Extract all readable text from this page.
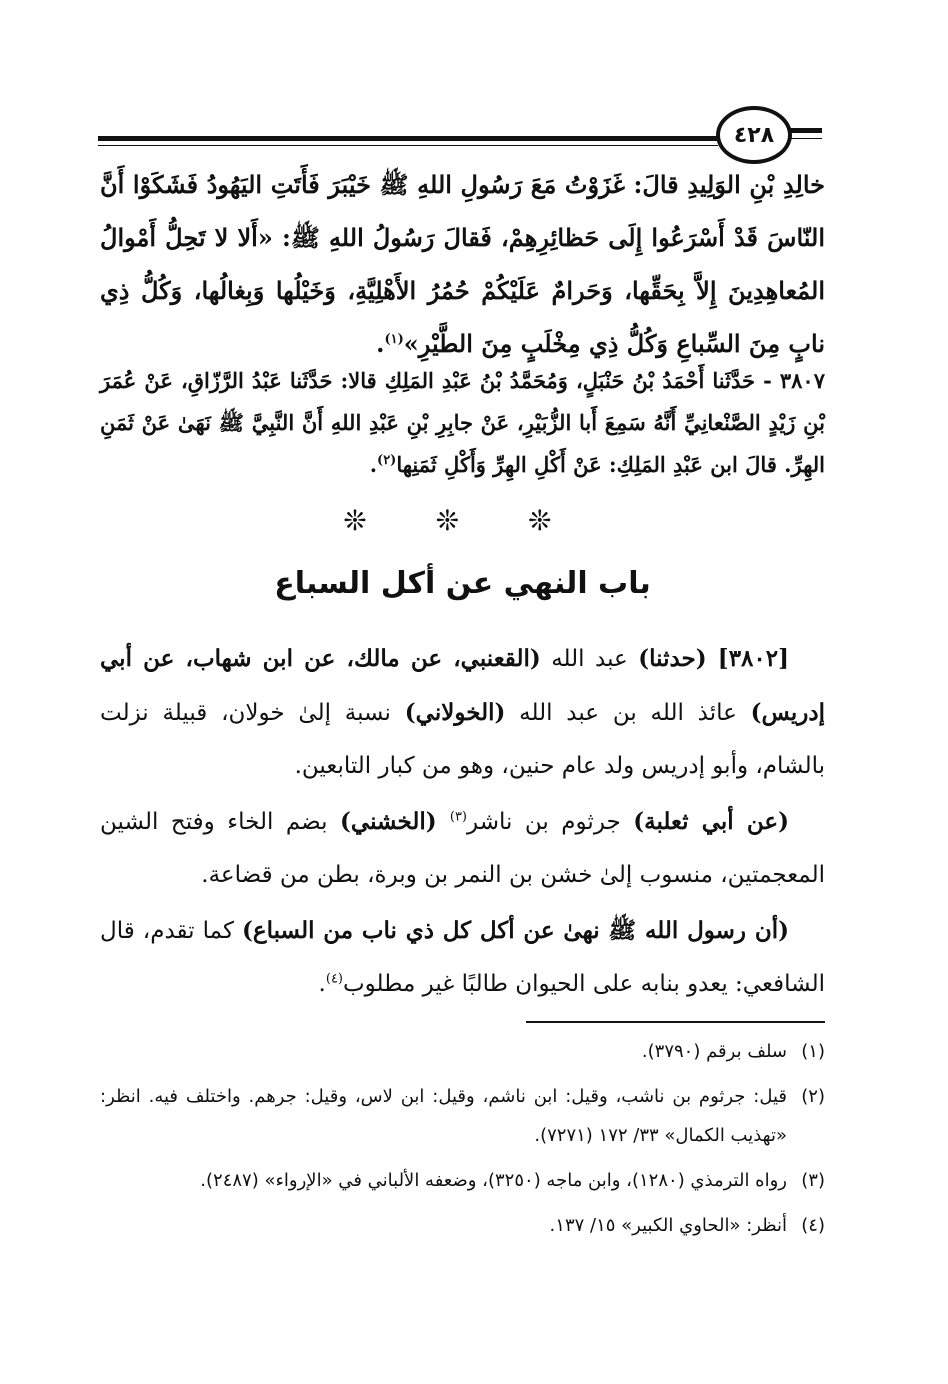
٤٢٨
خالِدِ بْنِ الوَلِيدِ قالَ: غَزَوْتُ مَعَ رَسُولِ اللهِ ﷺ خَيْبَرَ فَأَتَتِ اليَهُودُ فَشَكَوْا أَنَّ النّاسَ قَدْ أَسْرَعُوا إِلَى حَظائِرِهِمْ، فَقالَ رَسُولُ اللهِ ﷺ: «أَلا لا تَحِلُّ أَمْوالُ المُعاهِدِينَ إِلاَّ بِحَقِّها، وَحَرامٌ عَلَيْكُمْ حُمُرُ الأَهْلِيَّةِ، وَخَيْلُها وَبِغالُها، وَكُلُّ ذِي نابٍ مِنَ السِّباعِ وَكُلُّ ذِي مِخْلَبٍ مِنَ الطَّيْرِ»$^{(١)}$.
٣٨٠٧ - حَدَّثَنا أَحْمَدُ بْنُ حَنْبَلٍ، وَمُحَمَّدُ بْنُ عَبْدِ المَلِكِ قالا: حَدَّثَنا عَبْدُ الرَّزّاقِ، عَنْ عُمَرَ بْنِ زَيْدٍ الصَّنْعانِيِّ أَنَّهُ سَمِعَ أَبا الزُّبَيْرِ، عَنْ جابِرِ بْنِ عَبْدِ اللهِ أَنَّ النَّبِيَّ ﷺ نَهَىٰ عَنْ ثَمَنِ الهِرِّ. قالَ ابن عَبْدِ المَلِكِ: عَنْ أَكْلِ الهِرِّ وَأَكْلِ ثَمَنِها$^{(٢)}$.
❊ ❊ ❊
باب النهي عن أكل السباع

[٣٨٠٢] (حدثنا) عبد الله (القعنبي، عن مالك، عن ابن شهاب، عن أبي إدريس) عائذ الله بن عبد الله (الخولاني) نسبة إلىٰ خولان، قبيلة نزلت بالشام، وأبو إدريس ولد عام حنين، وهو من كبار التابعين.

(عن أبي ثعلبة) جرثوم بن ناشر$^{(٣)}$ (الخشني) بضم الخاء وفتح الشين المعجمتين، منسوب إلىٰ خشن بن النمر بن وبرة، بطن من قضاعة.

(أن رسول الله ﷺ نهىٰ عن أكل كل ذي ناب من السباع) كما تقدم، قال الشافعي: يعدو بنابه على الحيوان طالبًا غير مطلوب$^{(٤)}$.

(١)
سلف برقم (٣٧٩٠).
(٢)
قيل: جرثوم بن ناشب، وقيل: ابن ناشم، وقيل: ابن لاس، وقيل: جرهم. واختلف فيه. انظر: «تهذيب الكمال» ٣٣/ ١٧٢ (٧٢٧١).
(٣)
رواه الترمذي (١٢٨٠)، وابن ماجه (٣٢٥٠)، وضعفه الألباني في «الإرواء» (٢٤٨٧).
(٤)
أنظر: «الحاوي الكبير» ١٥/ ١٣٧.
